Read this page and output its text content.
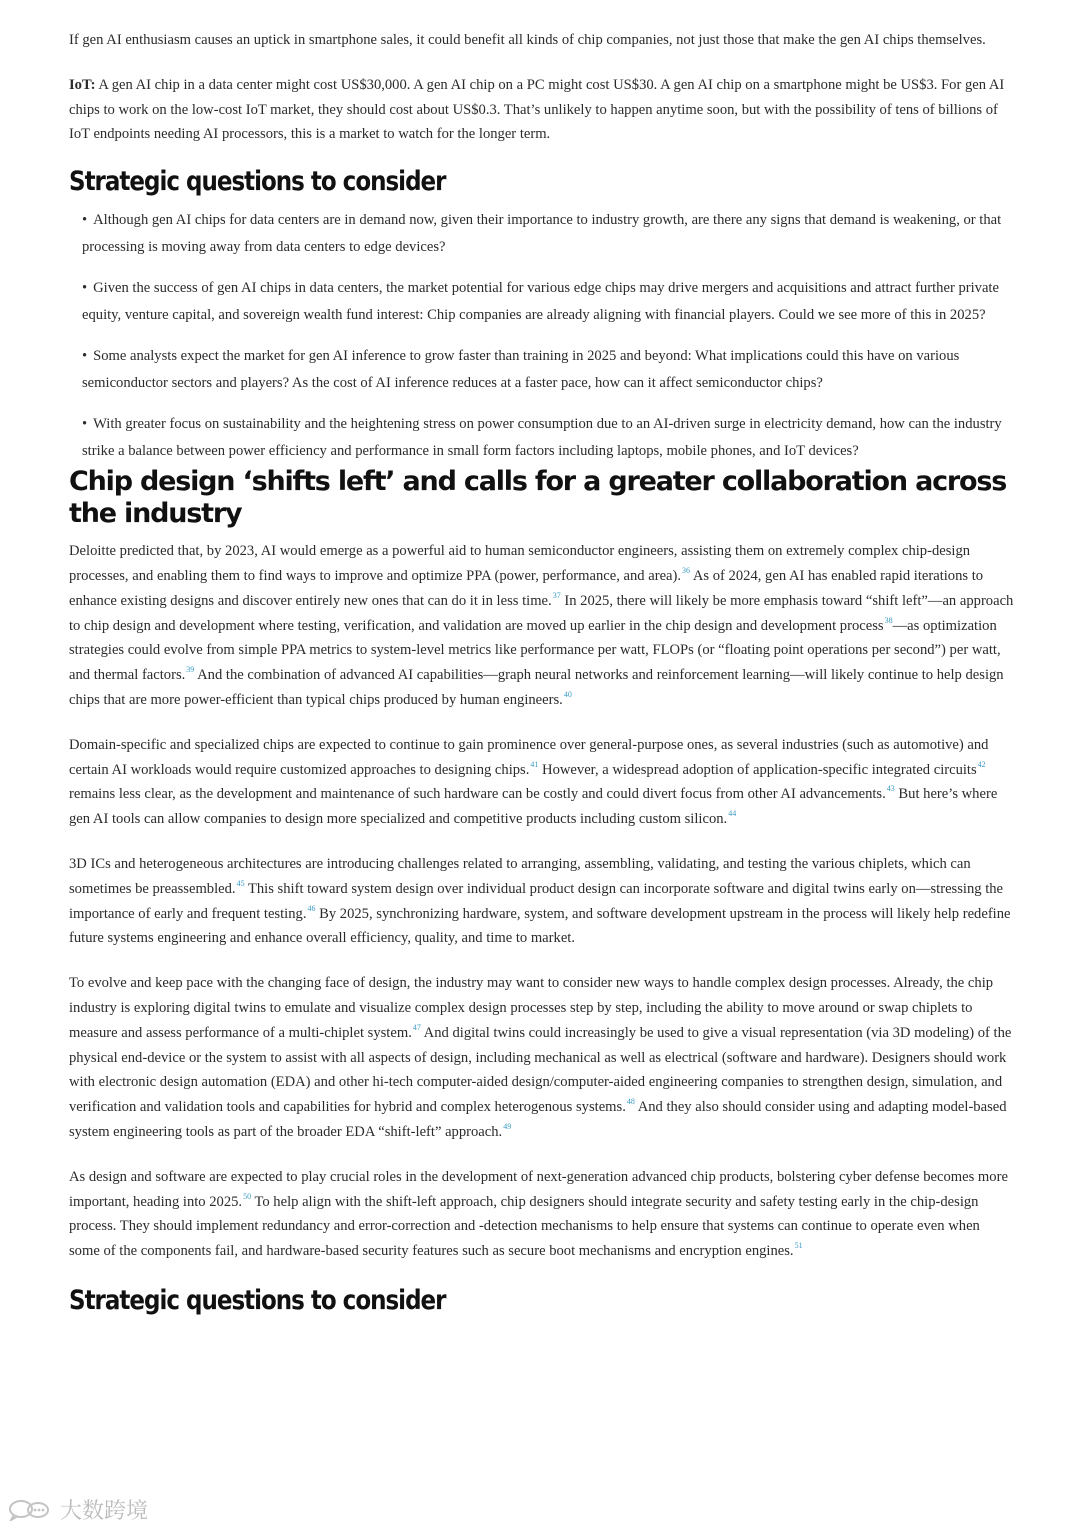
If gen AI enthusiasm causes an uptick in smartphone sales, it could benefit all kinds of chip companies, not just those that make the gen AI chips themselves.

IoT: A gen AI chip in a data center might cost US$30,000. A gen AI chip on a PC might cost US$30. A gen AI chip on a smartphone might be US$3. For gen AI chips to work on the low-cost IoT market, they should cost about US$0.3. That’s unlikely to happen anytime soon, but with the possibility of tens of billions of IoT endpoints needing AI processors, this is a market to watch for the longer term.

Strategic questions to consider
• Although gen AI chips for data centers are in demand now, given their importance to industry growth, are there any signs that demand is weakening, or that processing is moving away from data centers to edge devices?
• Given the success of gen AI chips in data centers, the market potential for various edge chips may drive mergers and acquisitions and attract further private equity, venture capital, and sovereign wealth fund interest: Chip companies are already aligning with financial players. Could we see more of this in 2025?
• Some analysts expect the market for gen AI inference to grow faster than training in 2025 and beyond: What implications could this have on various semiconductor sectors and players? As the cost of AI inference reduces at a faster pace, how can it affect semiconductor chips?
• With greater focus on sustainability and the heightening stress on power consumption due to an AI-driven surge in electricity demand, how can the industry strike a balance between power efficiency and performance in small form factors including laptops, mobile phones, and IoT devices?
Chip design ‘shifts left’ and calls for a greater collaboration across the industry

Deloitte predicted that, by 2023, AI would emerge as a powerful aid to human semiconductor engineers, assisting them on extremely complex chip-design processes, and enabling them to find ways to improve and optimize PPA (power, performance, and area).$^{36}$ As of 2024, gen AI has enabled rapid iterations to enhance existing designs and discover entirely new ones that can do it in less time.$^{37}$ In 2025, there will likely be more emphasis toward “shift left”—an approach to chip design and development where testing, verification, and validation are moved up earlier in the chip design and development process$^{38}$—as optimization strategies could evolve from simple PPA metrics to system-level metrics like performance per watt, FLOPs (or “floating point operations per second”) per watt, and thermal factors.$^{39}$ And the combination of advanced AI capabilities—graph neural networks and reinforcement learning—will likely continue to help design chips that are more power-efficient than typical chips produced by human engineers.$^{40}$

Domain-specific and specialized chips are expected to continue to gain prominence over general-purpose ones, as several industries (such as automotive) and certain AI workloads would require customized approaches to designing chips.$^{41}$ However, a widespread adoption of application-specific integrated circuits$^{42}$ remains less clear, as the development and maintenance of such hardware can be costly and could divert focus from other AI advancements.$^{43}$ But here’s where gen AI tools can allow companies to design more specialized and competitive products including custom silicon.$^{44}$

3D ICs and heterogeneous architectures are introducing challenges related to arranging, assembling, validating, and testing the various chiplets, which can sometimes be preassembled.$^{45}$ This shift toward system design over individual product design can incorporate software and digital twins early on—stressing the importance of early and frequent testing.$^{46}$ By 2025, synchronizing hardware, system, and software development upstream in the process will likely help redefine future systems engineering and enhance overall efficiency, quality, and time to market.

To evolve and keep pace with the changing face of design, the industry may want to consider new ways to handle complex design processes. Already, the chip industry is exploring digital twins to emulate and visualize complex design processes step by step, including the ability to move around or swap chiplets to measure and assess performance of a multi-chiplet system.$^{47}$ And digital twins could increasingly be used to give a visual representation (via 3D modeling) of the physical end-device or the system to assist with all aspects of design, including mechanical as well as electrical (software and hardware). Designers should work with electronic design automation (EDA) and other hi-tech computer-aided design/computer-aided engineering companies to strengthen design, simulation, and verification and validation tools and capabilities for hybrid and complex heterogenous systems.$^{48}$ And they also should consider using and adapting model-based system engineering tools as part of the broader EDA “shift-left” approach.$^{49}$

As design and software are expected to play crucial roles in the development of next-generation advanced chip products, bolstering cyber defense becomes more important, heading into 2025.50 To help align with the shift-left approach, chip designers should integrate security and safety testing early in the chip-design process. They should implement redundancy and error-correction and -detection mechanisms to help ensure that systems can continue to operate even when some of the components fail, and hardware-based security features such as secure boot mechanisms and encryption engines.$^{51}$

Strategic questions to consider
大数跨境
